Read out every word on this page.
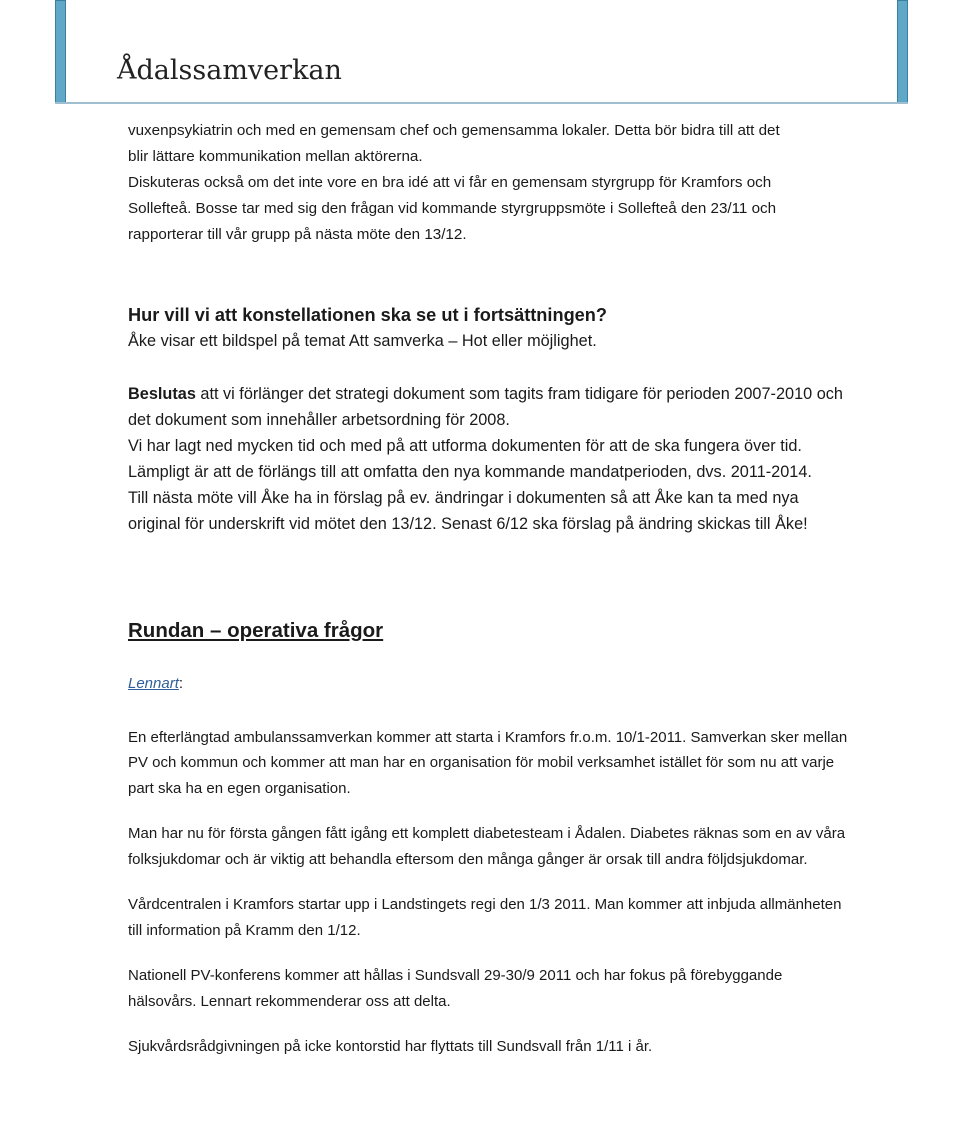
Ådalssamverkan

vuxenpsykiatrin och med en gemensam chef och gemensamma lokaler. Detta bör bidra till att det
blir lättare kommunikation mellan aktörerna.
Diskuteras också om det inte vore en bra idé att vi får en gemensam styrgrupp för Kramfors och
Sollefteå. Bosse tar med sig den frågan vid kommande styrgruppsmöte i Sollefteå den 23/11 och
rapporterar till vår grupp på nästa möte den 13/12.

Hur vill vi att konstellationen ska se ut i fortsättningen?

Åke visar ett bildspel på temat Att samverka – Hot eller möjlighet.

Beslutas att vi förlänger det strategi dokument som tagits fram tidigare för perioden 2007-2010 och det dokument som innehåller arbetsordning för 2008.

Vi har lagt ned mycken tid och med på att utforma dokumenten för att de ska fungera över tid. Lämpligt är att de förlängs till att omfatta den nya kommande mandatperioden, dvs. 2011-2014.

Till nästa möte vill Åke ha in förslag på ev. ändringar i dokumenten så att Åke kan ta med nya original för underskrift vid mötet den 13/12. Senast 6/12 ska förslag på ändring skickas till Åke!

Rundan – operativa frågor

Lennart:

En efterlängtad ambulanssamverkan kommer att starta i Kramfors fr.o.m. 10/1-2011. Samverkan sker mellan PV och kommun och kommer att man har en organisation för mobil verksamhet istället för som nu att varje part ska ha en egen organisation.

Man har nu för första gången fått igång ett komplett diabetesteam i Ådalen. Diabetes räknas som en av våra folksjukdomar och är viktig att behandla eftersom den många gånger är orsak till andra följdsjukdomar.

Vårdcentralen i Kramfors startar upp i Landstingets regi den 1/3 2011. Man kommer att inbjuda allmänheten till information på Kramm den 1/12.

Nationell PV-konferens kommer att hållas i Sundsvall 29-30/9 2011 och har fokus på förebyggande hälsovårs. Lennart rekommenderar oss att delta.

Sjukvårdsrådgivningen på icke kontorstid har flyttats till Sundsvall från 1/11 i år.
